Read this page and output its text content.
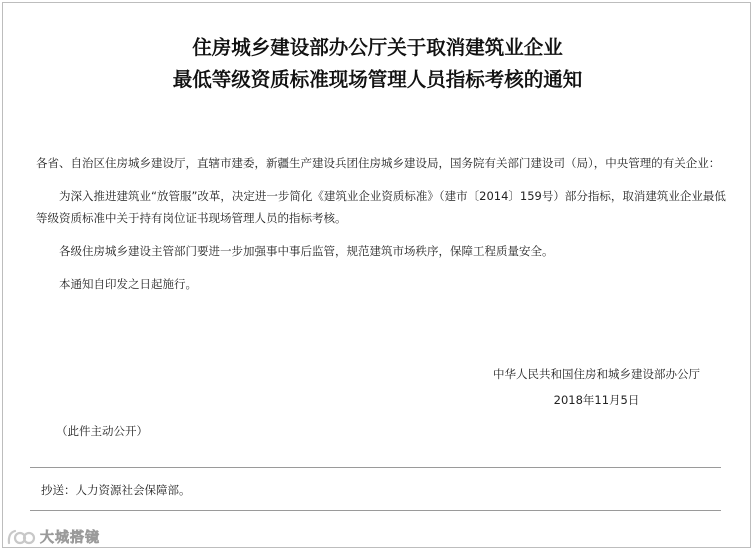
住房城乡建设部办公厅关于取消建筑业企业
最低等级资质标准现场管理人员指标考核的通知

各省、自治区住房城乡建设厅，直辖市建委，新疆生产建设兵团住房城乡建设局，国务院有关部门建设司（局），中央管理的有关企业：

为深入推进建筑业“放管服”改革，决定进一步简化《建筑业企业资质标准》（建市〔2014〕159号）部分指标，取消建筑业企业最低等级资质标准中关于持有岗位证书现场管理人员的指标考核。

各级住房城乡建设主管部门要进一步加强事中事后监管，规范建筑市场秩序，保障工程质量安全。

本通知自印发之日起施行。

中华人民共和国住房和城乡建设部办公厅
2018年11月5日
（此件主动公开）
抄送：人力资源社会保障部。
大城搭镜
